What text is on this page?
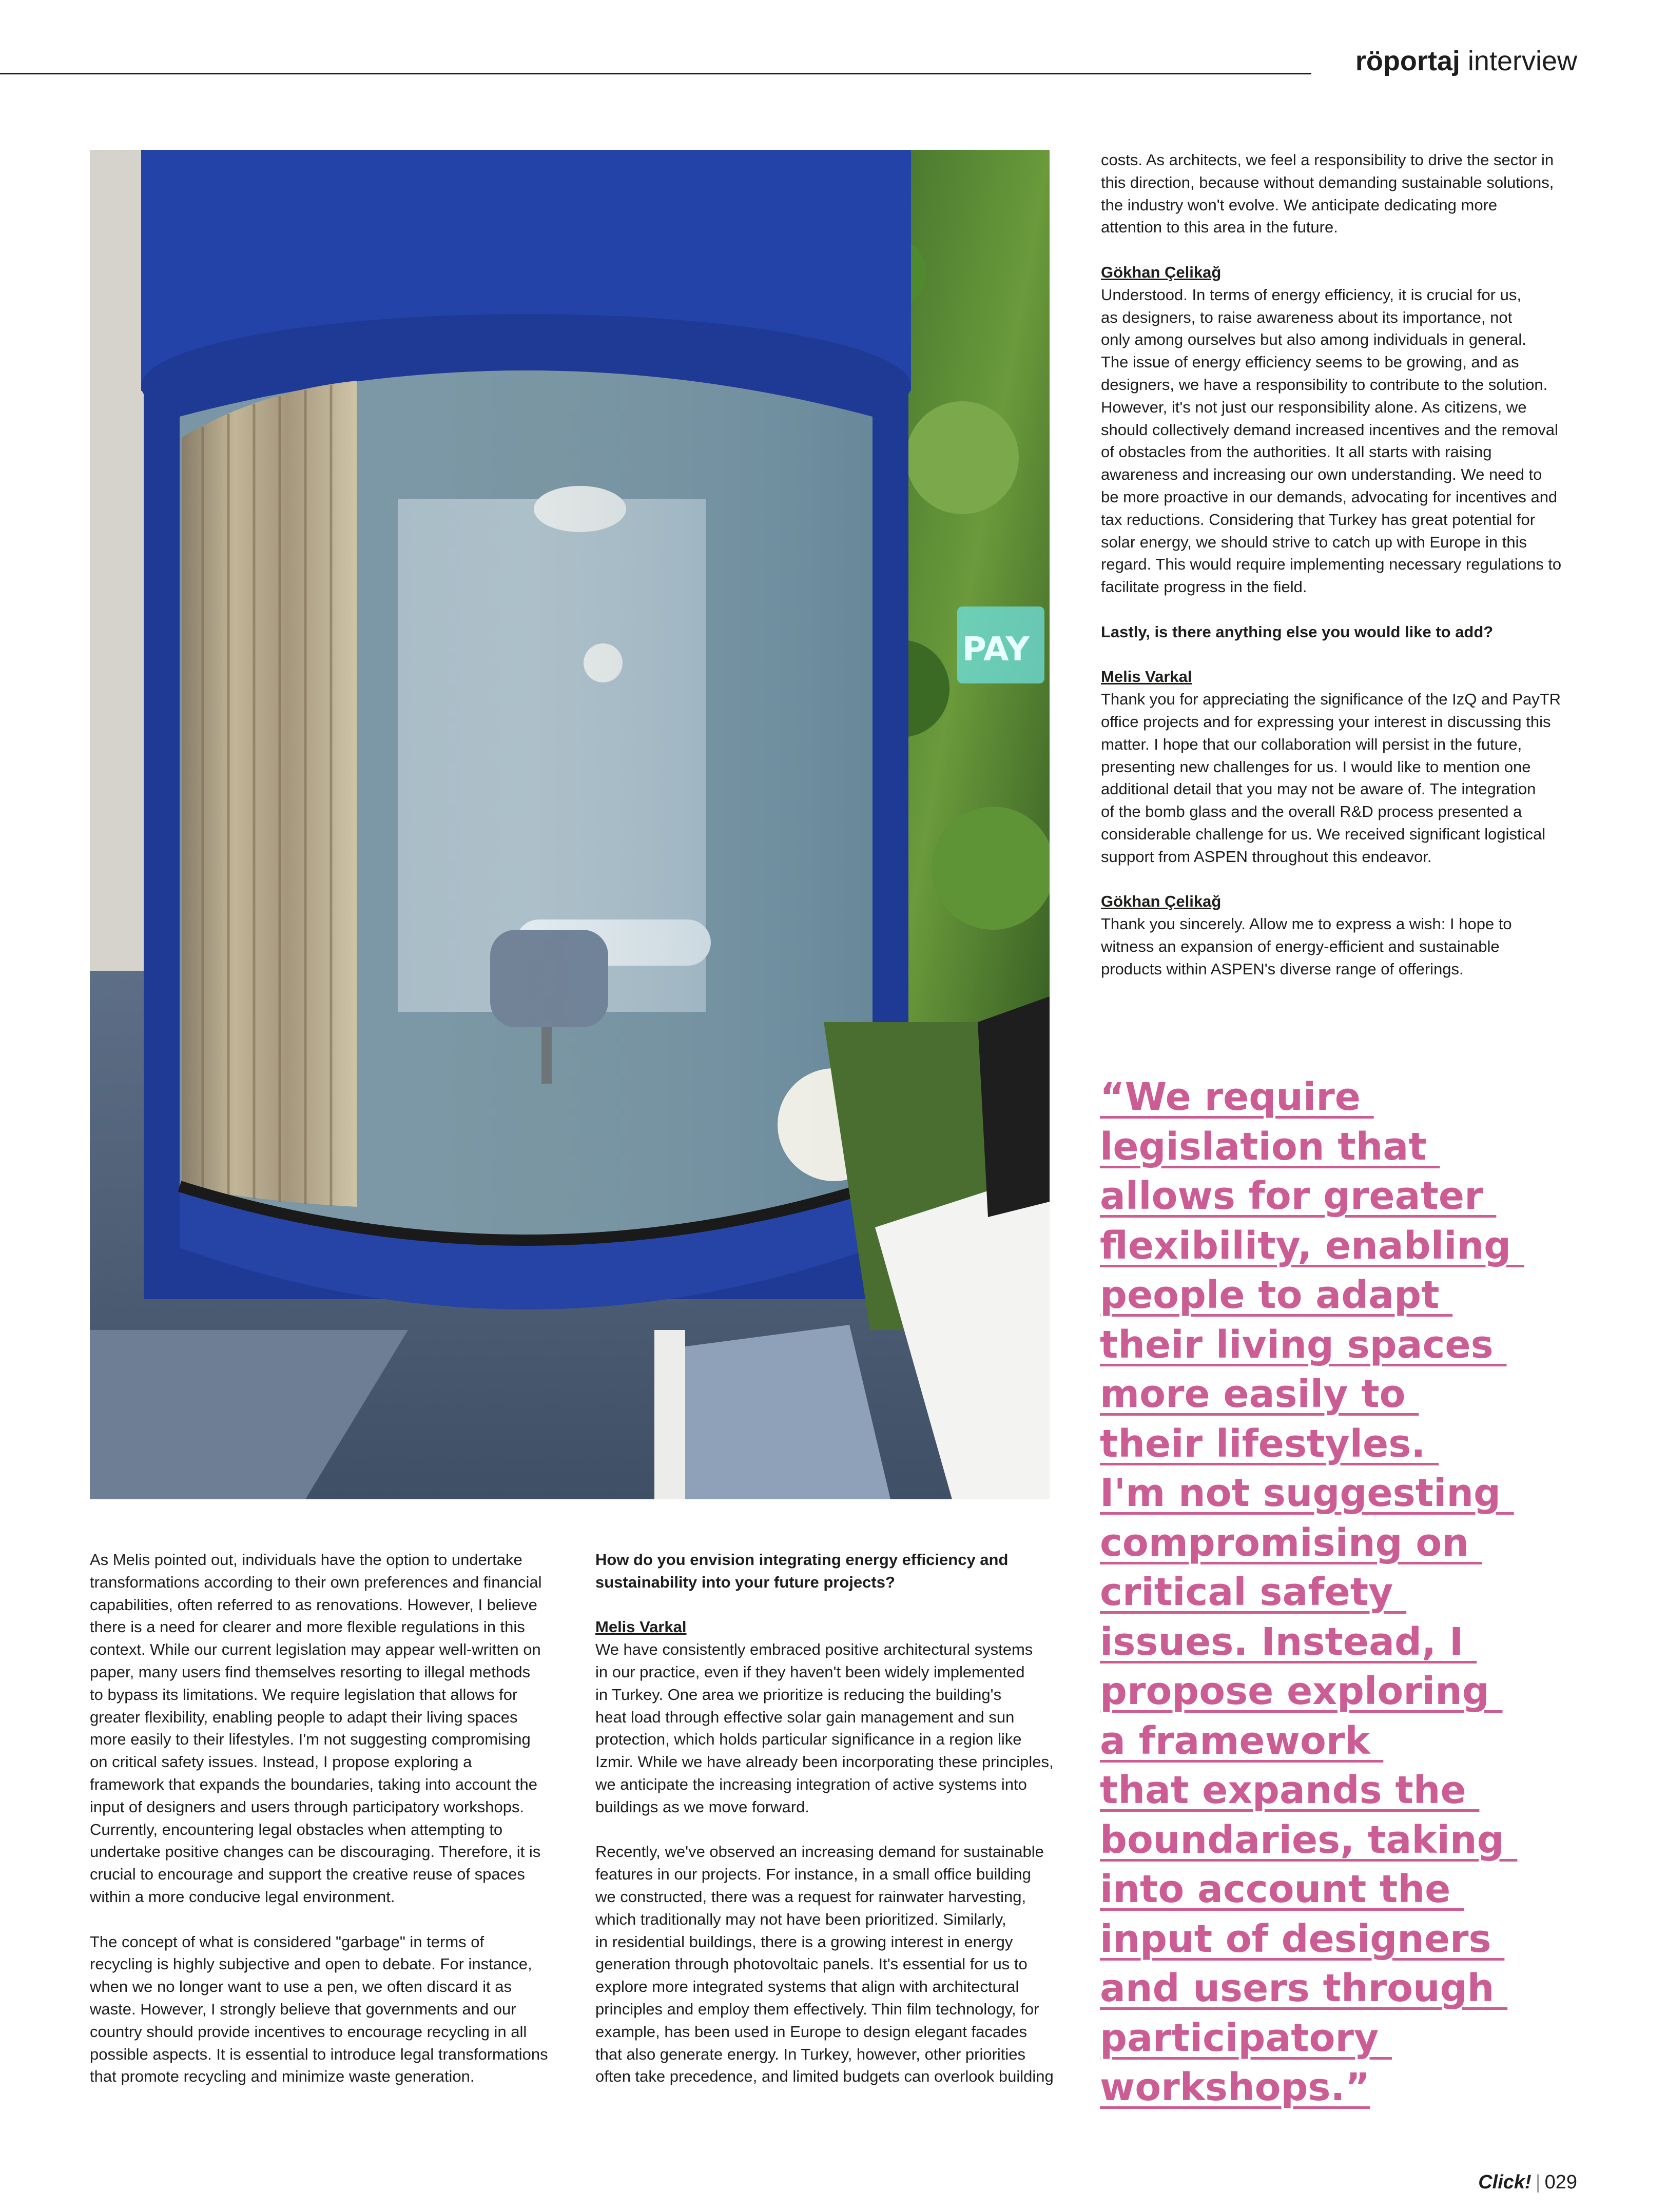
röportaj interview
PAY

costs. As architects, we feel a responsibility to drive the sector in
this direction, because without demanding sustainable solutions,
the industry won't evolve. We anticipate dedicating more
attention to this area in the future.

Gökhan Çelikağ
Understood. In terms of energy efficiency, it is crucial for us,
as designers, to raise awareness about its importance, not
only among ourselves but also among individuals in general.
The issue of energy efficiency seems to be growing, and as
designers, we have a responsibility to contribute to the solution.
However, it's not just our responsibility alone. As citizens, we
should collectively demand increased incentives and the removal
of obstacles from the authorities. It all starts with raising
awareness and increasing our own understanding. We need to
be more proactive in our demands, advocating for incentives and
tax reductions. Considering that Turkey has great potential for
solar energy, we should strive to catch up with Europe in this
regard. This would require implementing necessary regulations to
facilitate progress in the field.

Lastly, is there anything else you would like to add?

Melis Varkal
Thank you for appreciating the significance of the IzQ and PayTR
office projects and for expressing your interest in discussing this
matter. I hope that our collaboration will persist in the future,
presenting new challenges for us. I would like to mention one
additional detail that you may not be aware of. The integration
of the bomb glass and the overall R&D process presented a
considerable challenge for us. We received significant logistical
support from ASPEN throughout this endeavor.

Gökhan Çelikağ
Thank you sincerely. Allow me to express a wish: I hope to
witness an expansion of energy-efficient and sustainable
products within ASPEN's diverse range of offerings.

“We require
legislation that
allows for greater
flexibility, enabling
people to adapt
their living spaces
more easily to
their lifestyles.
I'm not suggesting
compromising on
critical safety
issues. Instead, I
propose exploring
a framework
that expands the
boundaries, taking
into account the
input of designers
and users through
participatory
workshops.”

As Melis pointed out, individuals have the option to undertake
transformations according to their own preferences and financial
capabilities, often referred to as renovations. However, I believe
there is a need for clearer and more flexible regulations in this
context. While our current legislation may appear well-written on
paper, many users find themselves resorting to illegal methods
to bypass its limitations. We require legislation that allows for
greater flexibility, enabling people to adapt their living spaces
more easily to their lifestyles. I'm not suggesting compromising
on critical safety issues. Instead, I propose exploring a
framework that expands the boundaries, taking into account the
input of designers and users through participatory workshops.
Currently, encountering legal obstacles when attempting to
undertake positive changes can be discouraging. Therefore, it is
crucial to encourage and support the creative reuse of spaces
within a more conducive legal environment.

The concept of what is considered "garbage" in terms of
recycling is highly subjective and open to debate. For instance,
when we no longer want to use a pen, we often discard it as
waste. However, I strongly believe that governments and our
country should provide incentives to encourage recycling in all
possible aspects. It is essential to introduce legal transformations
that promote recycling and minimize waste generation.

How do you envision integrating energy efficiency and
sustainability into your future projects?

Melis Varkal
We have consistently embraced positive architectural systems
in our practice, even if they haven't been widely implemented
in Turkey. One area we prioritize is reducing the building's
heat load through effective solar gain management and sun
protection, which holds particular significance in a region like
Izmir. While we have already been incorporating these principles,
we anticipate the increasing integration of active systems into
buildings as we move forward.

Recently, we've observed an increasing demand for sustainable
features in our projects. For instance, in a small office building
we constructed, there was a request for rainwater harvesting,
which traditionally may not have been prioritized. Similarly,
in residential buildings, there is a growing interest in energy
generation through photovoltaic panels. It's essential for us to
explore more integrated systems that align with architectural
principles and employ them effectively. Thin film technology, for
example, has been used in Europe to design elegant facades
that also generate energy. In Turkey, however, other priorities
often take precedence, and limited budgets can overlook building

Click! | 029
